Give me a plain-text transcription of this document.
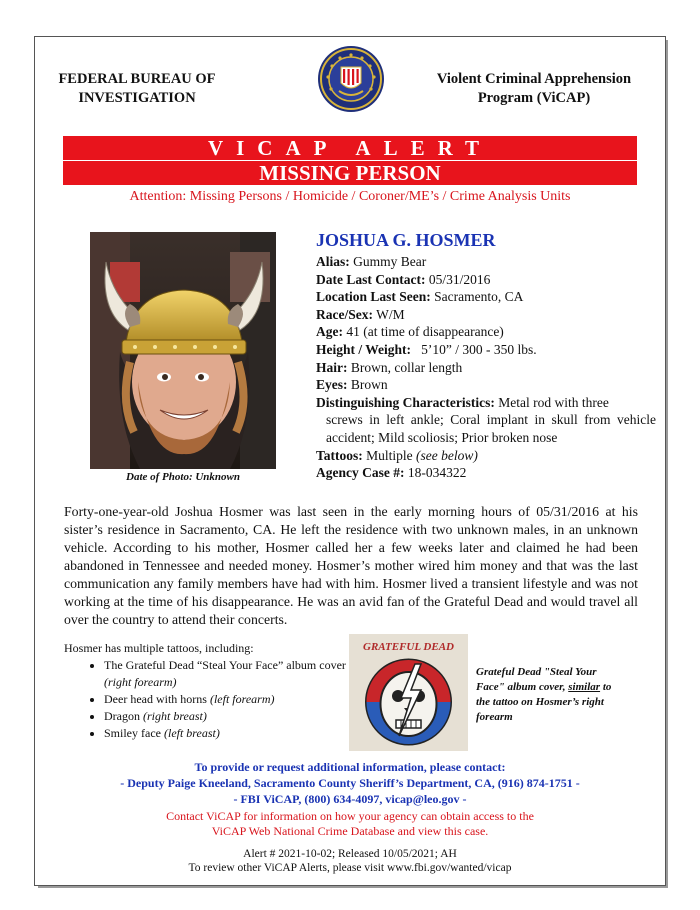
FEDERAL BUREAU OF
INVESTIGATION
Violent Criminal Apprehension
Program (ViCAP)
VICAP ALERT
MISSING PERSON
Attention: Missing Persons / Homicide / Coroner/ME’s / Crime Analysis Units
Date of Photo: Unknown
JOSHUA G. HOSMER
Alias: Gummy Bear
Date Last Contact: 05/31/2016
Location Last Seen: Sacramento, CA
Race/Sex: W/M
Age: 41 (at time of disappearance)
Height / Weight:   5’10” / 300 - 350 lbs.
Hair: Brown, collar length
Eyes: Brown
Distinguishing Characteristics: Metal rod with three
screws in left ankle; Coral implant in skull from vehicle accident; Mild scoliosis; Prior broken nose
Tattoos: Multiple (see below)
Agency Case #: 18-034322
Forty-one-year-old Joshua Hosmer was last seen in the early morning hours of 05/31/2016 at his sister’s residence in Sacramento, CA. He left the residence with two unknown males, in an unknown vehicle. According to his mother, Hosmer called her a few weeks later and claimed he had been abandoned in Tennessee and needed money. Hosmer’s mother wired him money and that was the last communication any family members have had with him. Hosmer lived a transient lifestyle and was not working at the time of his disappearance. He was an avid fan of the Grateful Dead and would travel all over the country to attend their concerts.
Hosmer has multiple tattoos, including:
• The Grateful Dead “Steal Your Face” album cover (right forearm)
• Deer head with horns (left forearm)
• Dragon (right breast)
• Smiley face (left breast)
GRATEFUL DEAD
Grateful Dead "Steal Your Face" album cover, similar to the tattoo on Hosmer’s right forearm
To provide or request additional information, please contact:
- Deputy Paige Kneeland, Sacramento County Sheriff’s Department, CA, (916) 874-1751 -
- FBI ViCAP, (800) 634-4097, vicap@leo.gov -
Contact ViCAP for information on how your agency can obtain access to the
ViCAP Web National Crime Database and view this case.
Alert # 2021-10-02; Released 10/05/2021; AH
To review other ViCAP Alerts, please visit www.fbi.gov/wanted/vicap
